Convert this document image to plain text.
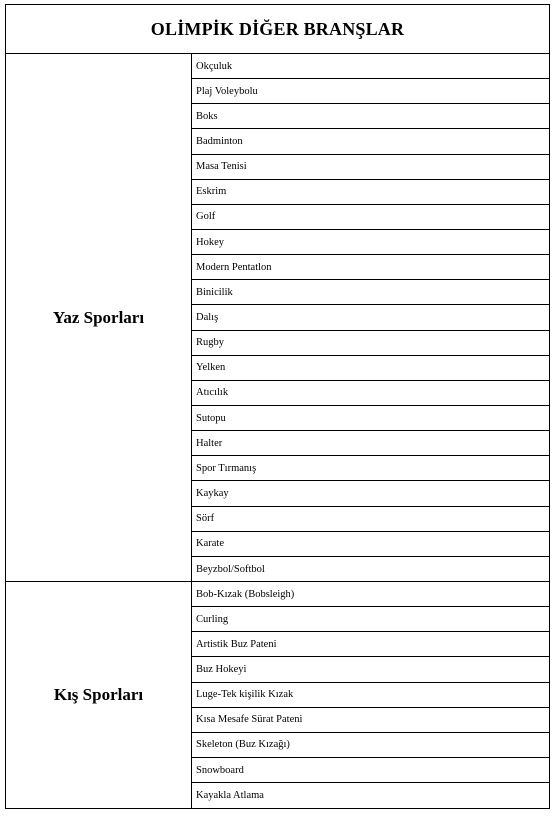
OLİMPİK DİĞER BRANŞLAR
Yaz Sporları
Okçuluk
Plaj Voleybolu
Boks
Badminton
Masa Tenisi
Eskrim
Golf
Hokey
Modern Pentatlon
Binicilik
Dalış
Rugby
Yelken
Atıcılık
Sutopu
Halter
Spor Tırmanış
Kaykay
Sörf
Karate
Beyzbol/Softbol
Kış Sporları
Bob-Kızak (Bobsleigh)
Curling
Artistik Buz Pateni
Buz Hokeyi
Luge-Tek kişilik Kızak
Kısa Mesafe Sürat Pateni
Skeleton (Buz Kızağı)
Snowboard
Kayakla Atlama
